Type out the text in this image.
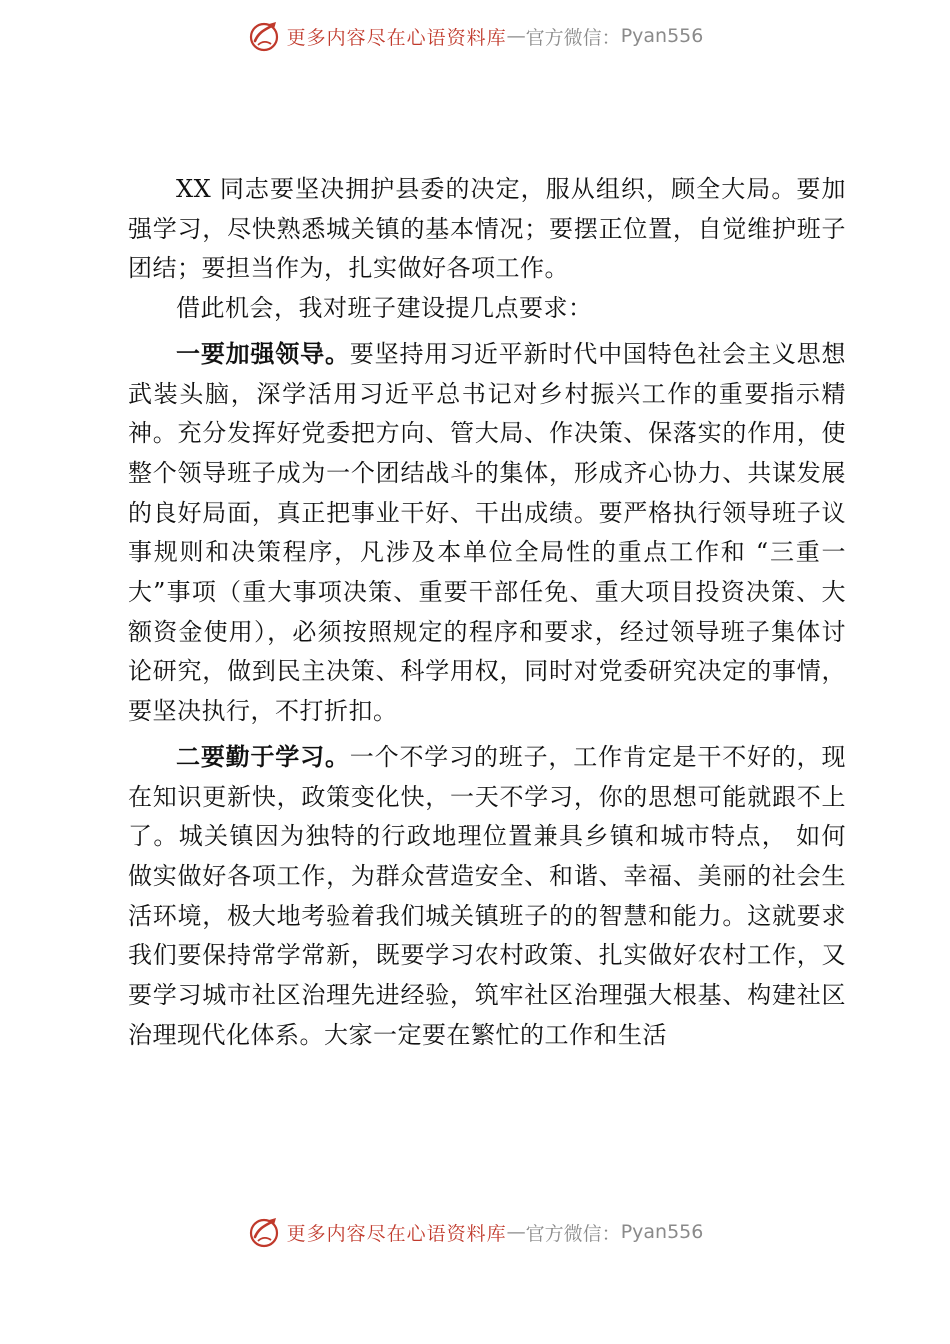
更多内容尽在心语资料库 — 官方微信： Pyan556

XX 同志要坚决拥护县委的决定，服从组织，顾全大局。要加强学习，尽快熟悉城关镇的基本情况；要摆正位置，自觉维护班子团结；要担当作为，扎实做好各项工作。

借此机会，我对班子建设提几点要求：

一要加强领导。要坚持用习近平新时代中国特色社会主义思想武装头脑，深学活用习近平总书记对乡村振兴工作的重要指示精神。充分发挥好党委把方向、管大局、作决策、保落实的作用，使整个领导班子成为一个团结战斗的集体，形成齐心协力、共谋发展的良好局面，真正把事业干好、干出成绩。要严格执行领导班子议事规则和决策程序，凡涉及本单位全局性的重点工作和 “三重一大”事项（重大事项决策、重要干部任免、重大项目投资决策、大额资金使用），必须按照规定的程序和要求，经过领导班子集体讨论研究，做到民主决策、科学用权，同时对党委研究决定的事情，要坚决执行，不打折扣。

二要勤于学习。一个不学习的班子，工作肯定是干不好的，现在知识更新快，政策变化快，一天不学习，你的思想可能就跟不上了。城关镇因为独特的行政地理位置兼具乡镇和城市特点， 如何做实做好各项工作，为群众营造安全、和谐、幸福、美丽的社会生活环境，极大地考验着我们城关镇班子的的智慧和能力。这就要求我们要保持常学常新，既要学习农村政策、扎实做好农村工作，又要学习城市社区治理先进经验，筑牢社区治理强大根基、构建社区治理现代化体系。大家一定要在繁忙的工作和生活

更多内容尽在心语资料库 — 官方微信： Pyan556
